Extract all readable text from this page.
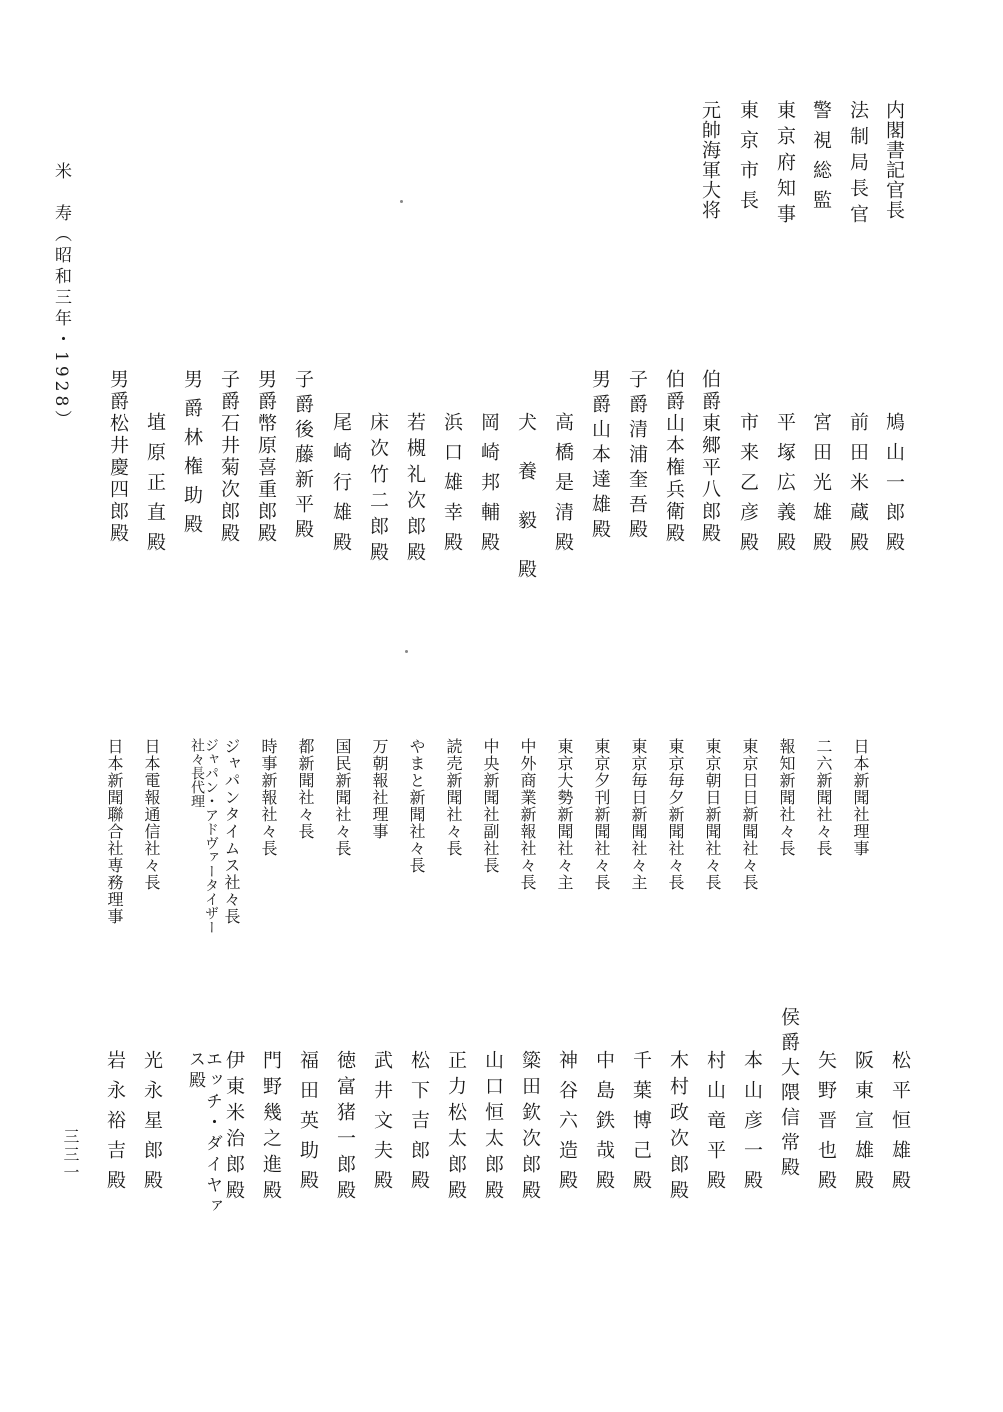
米　寿（昭和三年・1928）
三三一
内閣書記官長
法制局長官
警視総監
東京府知事
東京市長
元帥海軍大将
鳩山一郎殿
前田米蔵殿
宮田光雄殿
平塚広義殿
市来乙彦殿
伯爵東郷平八郎殿
伯爵山本権兵衛殿
子爵清浦奎吾殿
男爵山本達雄殿
高橋是清殿
犬養毅殿
岡崎邦輔殿
浜口雄幸殿
若槻礼次郎殿
床次竹二郎殿
尾崎行雄殿
子爵後藤新平殿
男爵幣原喜重郎殿
子爵石井菊次郎殿
男爵林権助殿
埴原正直殿
男爵松井慶四郎殿
日本新聞社理事
二六新聞社々長
報知新聞社々長
東京日日新聞社々長
東京朝日新聞社々長
東京毎夕新聞社々長
東京毎日新聞社々主
東京夕刊新聞社々長
東京大勢新聞社々主
中外商業新報社々長
中央新聞社副社長
読売新聞社々長
やまと新聞社々長
万朝報社理事
国民新聞社々長
都新聞社々長
時事新報社々長
ジャパンタイムス社々長
ジャパン・アドヴァータイザー社々長代理
日本電報通信社々長
日本新聞聯合社専務理事
松平恒雄殿
阪東宣雄殿
矢野晋也殿
侯爵大隈信常殿
本山彦一殿
村山竜平殿
木村政次郎殿
千葉博己殿
中島鉄哉殿
神谷六造殿
簗田欽次郎殿
山口恒太郎殿
正力松太郎殿
松下吉郎殿
武井文夫殿
徳富猪一郎殿
福田英助殿
門野幾之進殿
伊東米治郎殿
エッチ・ダイヤァス殿
光永星郎殿
岩永裕吉殿
